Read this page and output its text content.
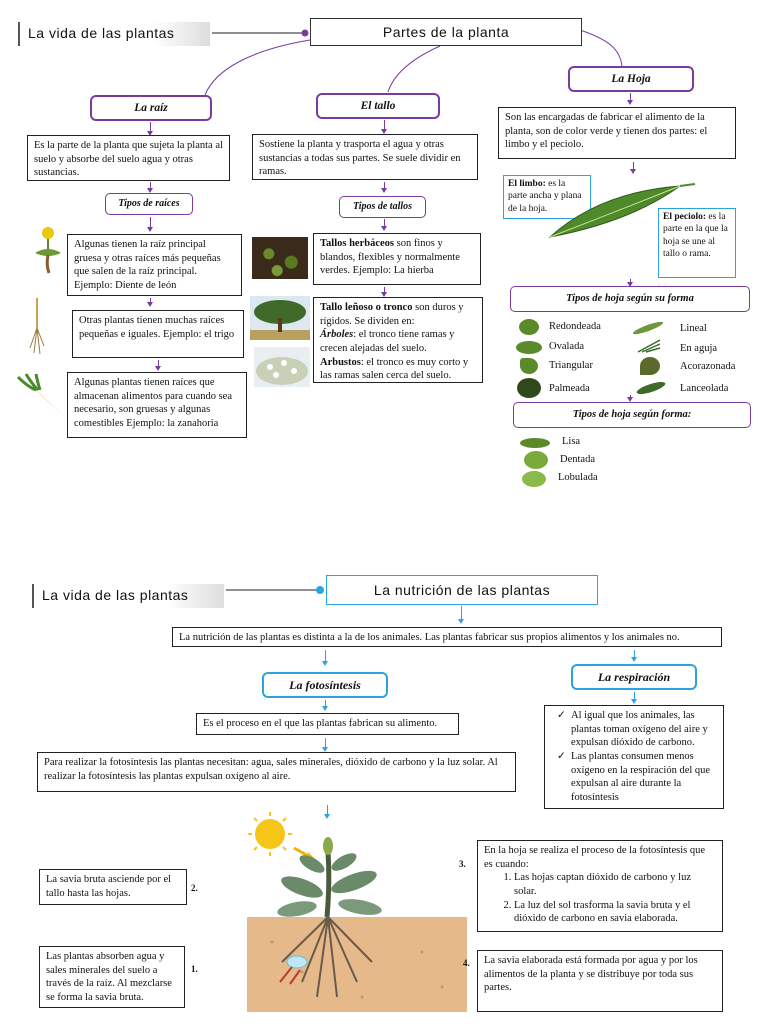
La vida de las plantas	Partes de la planta
La raíz
Es la parte de la planta que sujeta la planta al suelo y absorbe del suelo agua y otras sustancias.
Tipos de raíces
Algunas tienen la raíz principal gruesa y otras raíces más pequeñas que salen de la raíz principal. Ejemplo: Diente de león
Otras plantas tienen muchas raíces pequeñas e iguales. Ejemplo: el trigo
Algunas plantas tienen raíces que almacenan alimentos para cuando sea necesario, son gruesas y algunas comestibles Ejemplo: la zanahoria
El tallo
Sostiene la planta y trasporta el agua y otras sustancias a todas sus partes. Se suele dividir en ramas.
Tipos de tallos
Tallos herbáceos son finos y blandos, flexibles y normalmente verdes. Ejemplo: La hierba
Tallo leñoso o tronco son duros y rígidos. Se dividen en:
Árboles: el tronco tiene ramas y crecen alejadas del suelo.
Arbustos: el tronco es muy corto y las ramas salen cerca del suelo.
La Hoja
Son las encargadas de fabricar el alimento de la planta, son de color verde y tienen dos partes: el limbo y el peciolo.
El limbo: es la parte ancha y plana de la hoja.
El peciolo: es la parte en la que la hoja se une al tallo o rama.
Tipos de hoja según su forma
Redondeada
Ovalada
Triangular
Palmeada
Lineal
En aguja
Acorazonada
Lanceolada
Tipos de hoja según forma:
Lisa
Dentada
Lobulada
La vida de las plantas	La nutrición de las plantas
La nutrición de las plantas es distinta a la de los animales. Las plantas fabricar sus propios alimentos y los animales no.
La fotosíntesis
Es el proceso en el que las plantas fabrican su alimento.
Para realizar la fotosíntesis las plantas necesitan: agua, sales minerales, dióxido de carbono y la luz solar. Al realizar la fotosíntesis las plantas expulsan oxígeno al aire.
La respiración
✓ Al igual que los animales, las plantas toman oxígeno del aire y expulsan dióxido de carbono.
✓ Las plantas consumen menos oxígeno en la respiración del que expulsan al aire durante la fotosíntesis
2.
1.
3.
4.
La savia bruta asciende por el tallo hasta las hojas.
Las plantas absorben agua y sales minerales del suelo a través de la raíz. Al mezclarse se forma la savia bruta.
En la hoja se realiza el proceso de la fotosíntesis que es cuando:
1. Las hojas captan dióxido de carbono y luz solar.
2. La luz del sol trasforma la savia bruta y el dióxido de carbono en savia elaborada.
La savia elaborada está formada por agua y por los alimentos de la planta y se distribuye por toda sus partes.
